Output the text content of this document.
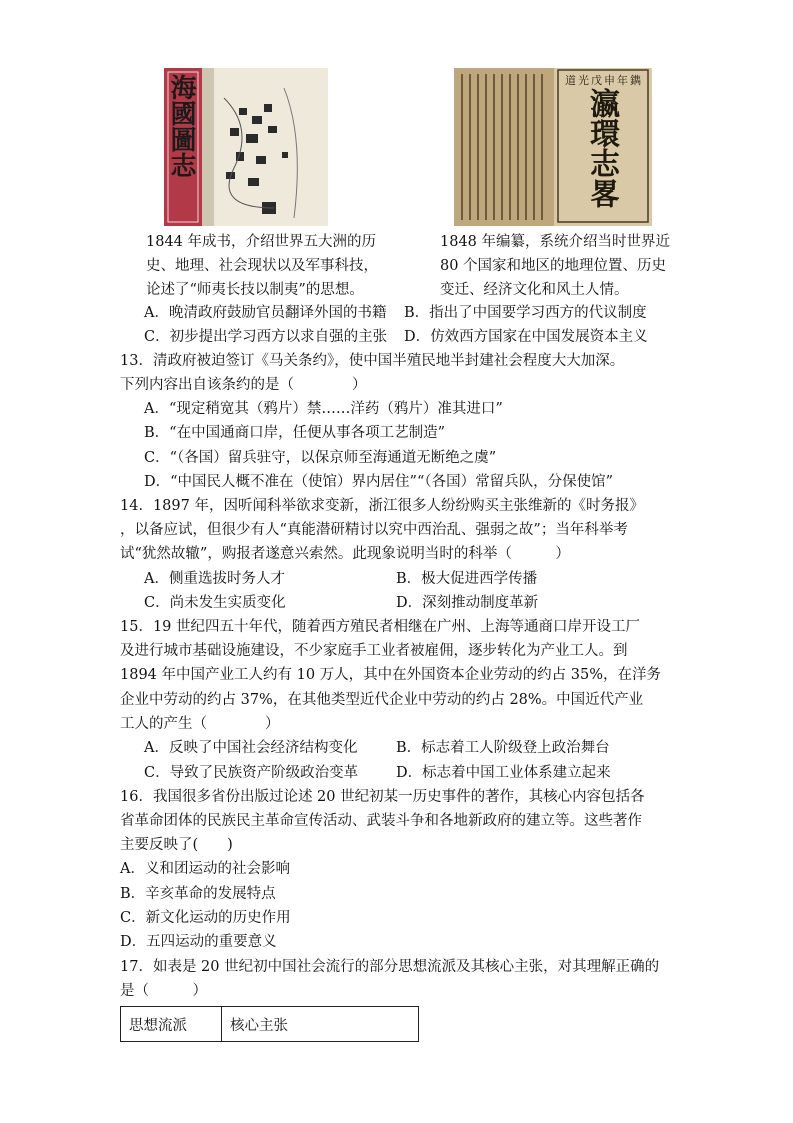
海國圖志	道光戊申年鐫
瀛環志畧
1844 年成书，介绍世界五大洲的历
史、地理、社会现状以及军事科技，
论述了“师夷长技以制夷”的思想。
1848 年编纂，系统介绍当时世界近
80 个国家和地区的地理位置、历史
变迁、经济文化和风土人情。
A．晚清政府鼓励官员翻译外国的书籍 B．指出了中国要学习西方的代议制度
C．初步提出学习西方以求自强的主张 D．仿效西方国家在中国发展资本主义
13．清政府被迫签订《马关条约》，使中国半殖民地半封建社会程度大大加深。
下列内容出自该条约的是（　　　　）
A．“现定稍宽其（鸦片）禁……洋药（鸦片）准其进口”
B．“在中国通商口岸，任便从事各项工艺制造”
C．“（各国）留兵驻守，以保京师至海通道无断绝之虞”
D．“中国民人概不准在（使馆）界内居住”“（各国）常留兵队，分保使馆”
14．1897 年，因听闻科举欲求变新，浙江很多人纷纷购买主张维新的《时务报》
，以备应试，但很少有人“真能潜研精讨以究中西治乱、强弱之故”；当年科举考
试“犹然故辙”，购报者遂意兴索然。此现象说明当时的科举（　　　）
A．侧重选拔时务人才	B．极大促进西学传播
C．尚未发生实质变化	D．深刻推动制度革新
15．19 世纪四五十年代，随着西方殖民者相继在广州、上海等通商口岸开设工厂
及进行城市基础设施建设，不少家庭手工业者被雇佣，逐步转化为产业工人。到
1894 年中国产业工人约有 10 万人，其中在外国资本企业劳动的约占 35%，在洋务
企业中劳动的约占 37%，在其他类型近代企业中劳动的约占 28%。中国近代产业
工人的产生（　　　　）
A．反映了中国社会经济结构变化	B．标志着工人阶级登上政治舞台
C．导致了民族资产阶级政治变革	D．标志着中国工业体系建立起来
16．我国很多省份出版过论述 20 世纪初某一历史事件的著作，其核心内容包括各
省革命团体的民族民主革命宣传活动、武装斗争和各地新政府的建立等。这些著作
主要反映了(　　)
A．义和团运动的社会影响
B．辛亥革命的发展特点
C．新文化运动的历史作用
D．五四运动的重要意义
17．如表是 20 世纪初中国社会流行的部分思想流派及其核心主张，对其理解正确的
是（　　　）
思想流派	核心主张
